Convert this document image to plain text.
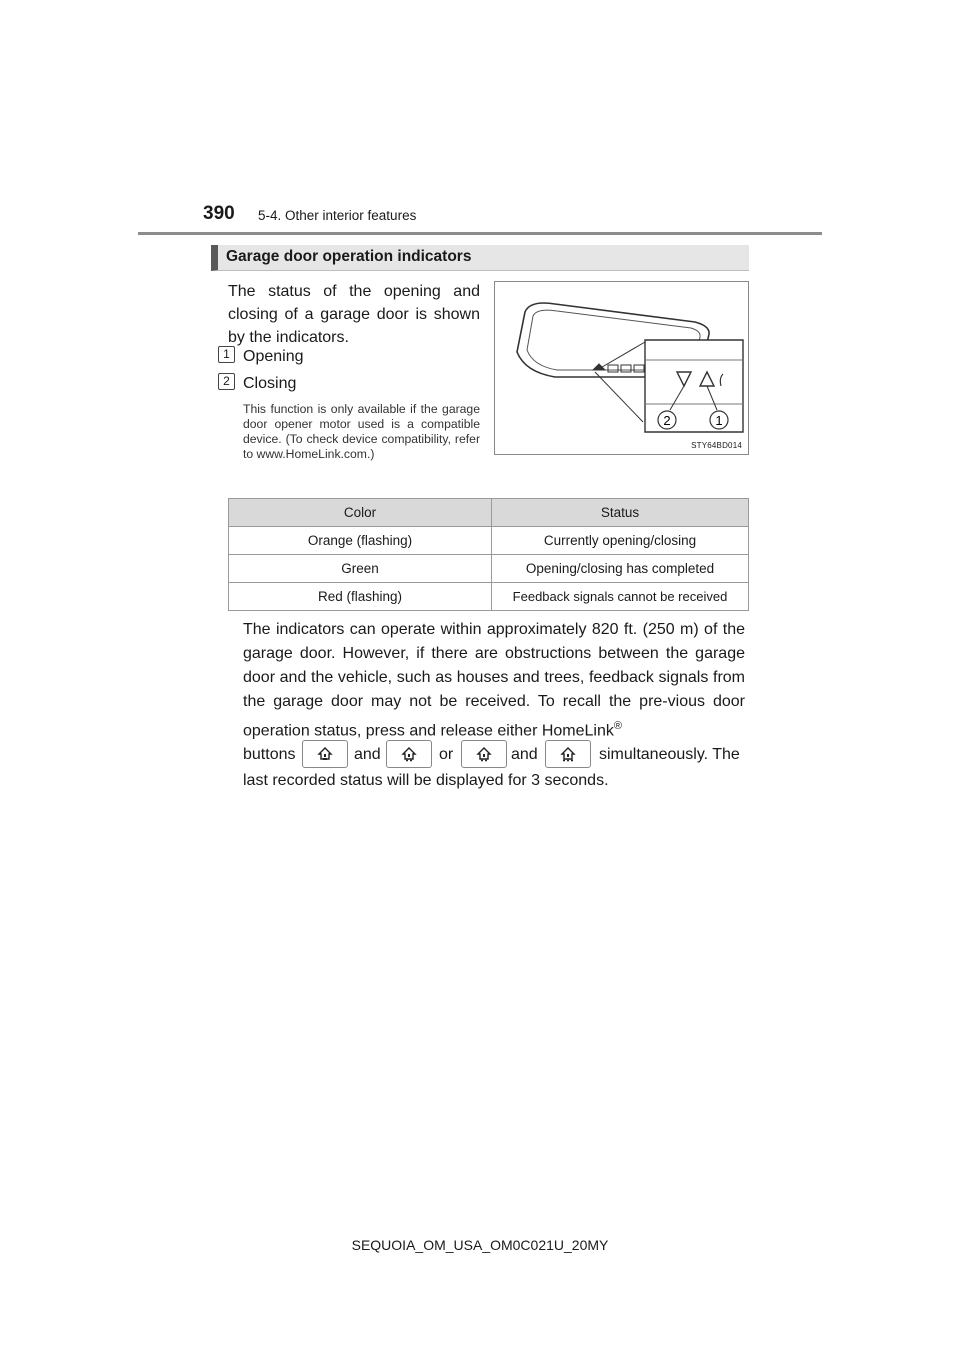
390 5-4. Other interior features
Garage door operation indicators
The status of the opening and closing of a garage door is shown by the indicators.
1 Opening
2 Closing
This function is only available if the garage door opener motor used is a compatible device. (To check device compatibility, refer to www.HomeLink.com.)
2	1
STY64BD014
Color	Status
Orange (flashing)	Currently opening/closing
Green	Opening/closing has completed
Red (flashing)	Feedback signals cannot be received

The indicators can operate within approximately 820 ft. (250 m) of the garage door. However, if there are obstructions between the garage door and the vehicle, such as houses and trees, feedback signals from the garage door may not be received. To recall the pre-vious door operation status, press and release either HomeLink®

buttons	and	or	and	simultaneously. The
last recorded status will be displayed for 3 seconds.
SEQUOIA_OM_USA_OM0C021U_20MY
